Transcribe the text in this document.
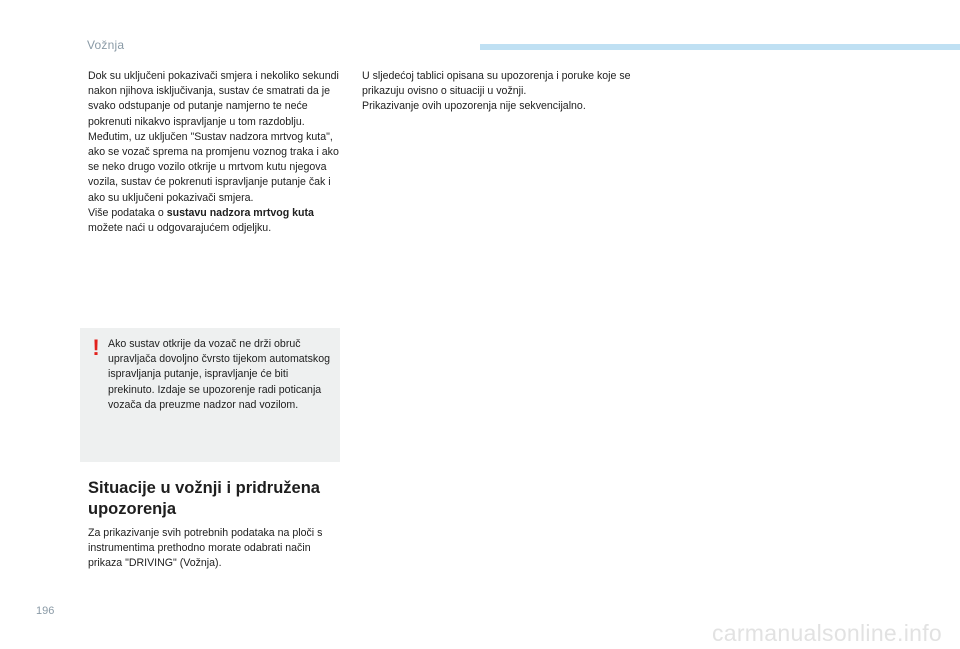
Vožnja

Dok su uključeni pokazivači smjera i nekoliko sekundi nakon njihova isključivanja, sustav će smatrati da je svako odstupanje od putanje namjerno te neće pokrenuti nikakvo ispravljanje u tom razdoblju.

Međutim, uz uključen "Sustav nadzora mrtvog kuta", ako se vozač sprema na promjenu voznog traka i ako se neko drugo vozilo otkrije u mrtvom kutu njegova vozila, sustav će pokrenuti ispravljanje putanje čak i ako su uključeni pokazivači smjera.

Više podataka o sustavu nadzora mrtvog kuta možete naći u odgovarajućem odjeljku.

! Ako sustav otkrije da vozač ne drži obruč upravljača dovoljno čvrsto tijekom automatskog ispravljanja putanje, ispravljanje će biti prekinuto. Izdaje se upozorenje radi poticanja vozača da preuzme nadzor nad vozilom.

Situacije u vožnji i pridružena upozorenja

Za prikazivanje svih potrebnih podataka na ploči s instrumentima prethodno morate odabrati način prikaza "DRIVING" (Vožnja).

U sljedećoj tablici opisana su upozorenja i poruke koje se prikazuju ovisno o situaciji u vožnji.

Prikazivanje ovih upozorenja nije sekvencijalno.

196
carmanualsonline.info
